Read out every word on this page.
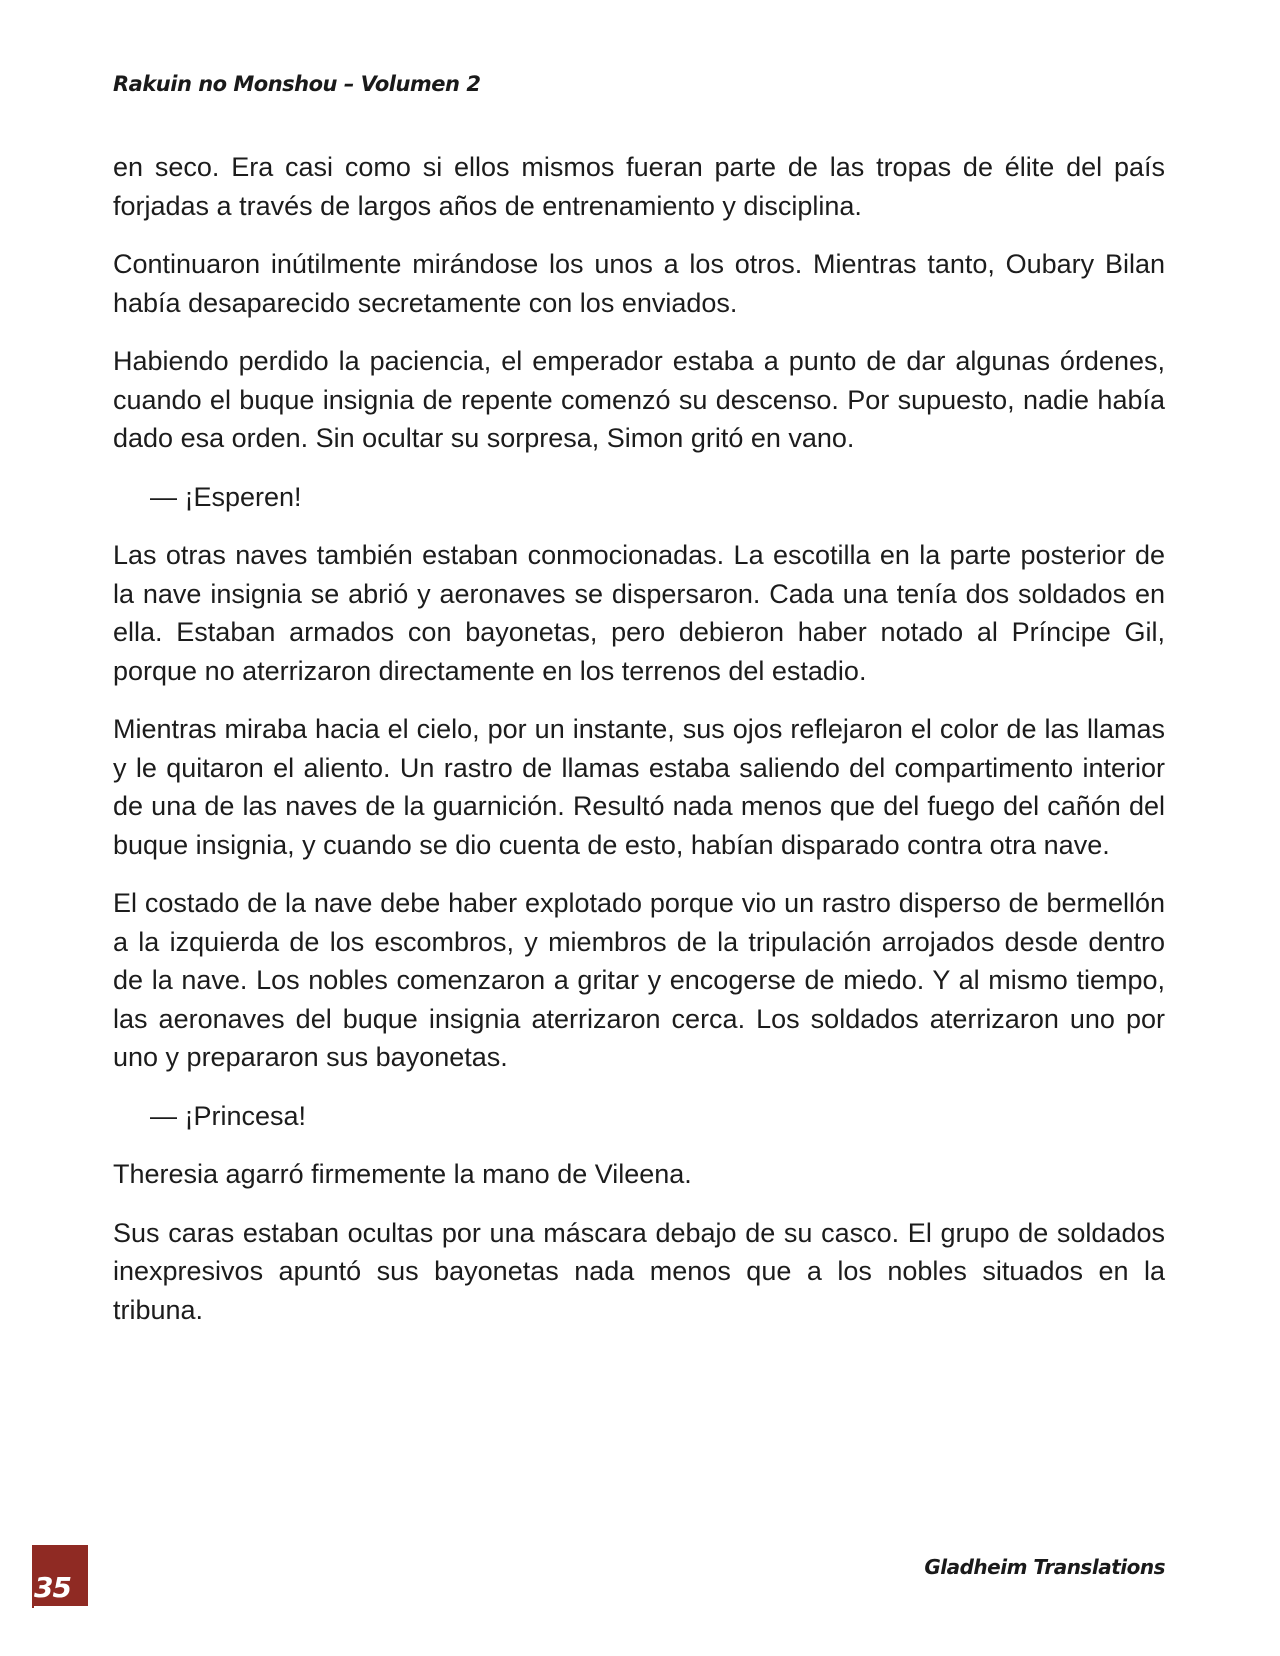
Rakuin no Monshou – Volumen 2

en seco. Era casi como si ellos mismos fueran parte de las tropas de élite del país forjadas a través de largos años de entrenamiento y disciplina.

Continuaron inútilmente mirándose los unos a los otros. Mientras tanto, Oubary Bilan había desaparecido secretamente con los enviados.

Habiendo perdido la paciencia, el emperador estaba a punto de dar algunas órdenes, cuando el buque insignia de repente comenzó su descenso. Por supuesto, nadie había dado esa orden. Sin ocultar su sorpresa, Simon gritó en vano.

— ¡Esperen!

Las otras naves también estaban conmocionadas. La escotilla en la parte posterior de la nave insignia se abrió y aeronaves se dispersaron. Cada una tenía dos soldados en ella. Estaban armados con bayonetas, pero debieron haber notado al Príncipe Gil, porque no aterrizaron directamente en los terrenos del estadio.

Mientras miraba hacia el cielo, por un instante, sus ojos reflejaron el color de las llamas y le quitaron el aliento. Un rastro de llamas estaba saliendo del compartimento interior de una de las naves de la guarnición. Resultó nada menos que del fuego del cañón del buque insignia, y cuando se dio cuenta de esto, habían disparado contra otra nave.

El costado de la nave debe haber explotado porque vio un rastro disperso de bermellón a la izquierda de los escombros, y miembros de la tripulación arrojados desde dentro de la nave. Los nobles comenzaron a gritar y encogerse de miedo. Y al mismo tiempo, las aeronaves del buque insignia aterrizaron cerca. Los soldados aterrizaron uno por uno y prepararon sus bayonetas.

— ¡Princesa!

Theresia agarró firmemente la mano de Vileena.

Sus caras estaban ocultas por una máscara debajo de su casco. El grupo de soldados inexpresivos apuntó sus bayonetas nada menos que a los nobles situados en la tribuna.

35
Gladheim Translations
